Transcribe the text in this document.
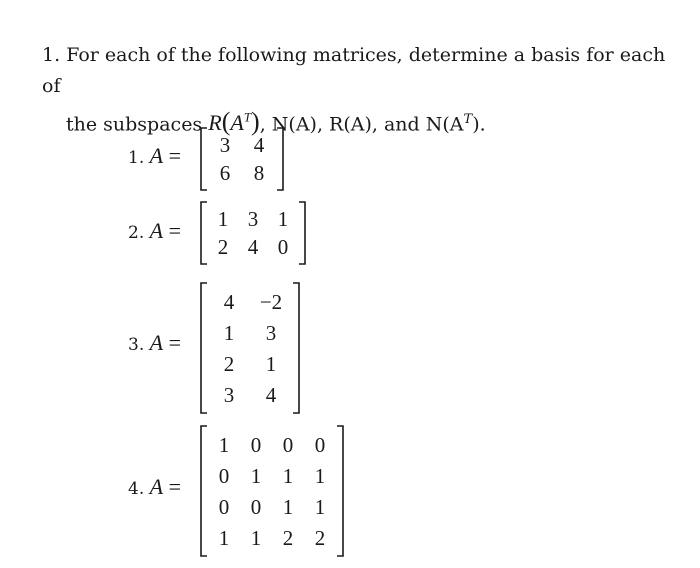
1. For each of the following matrices, determine a basis for each of
the subspaces $R(A^T)$, N(A), R(A), and $N(A^T)$.
1. A =	3	4
6	8
2. A =	1 3 1
2 4 0
3. A =
4	−2
1	3
2	1
3	4
4. A =
1	0	0	0
0	1	1	1
0	0	1	1
1	1	2	2
